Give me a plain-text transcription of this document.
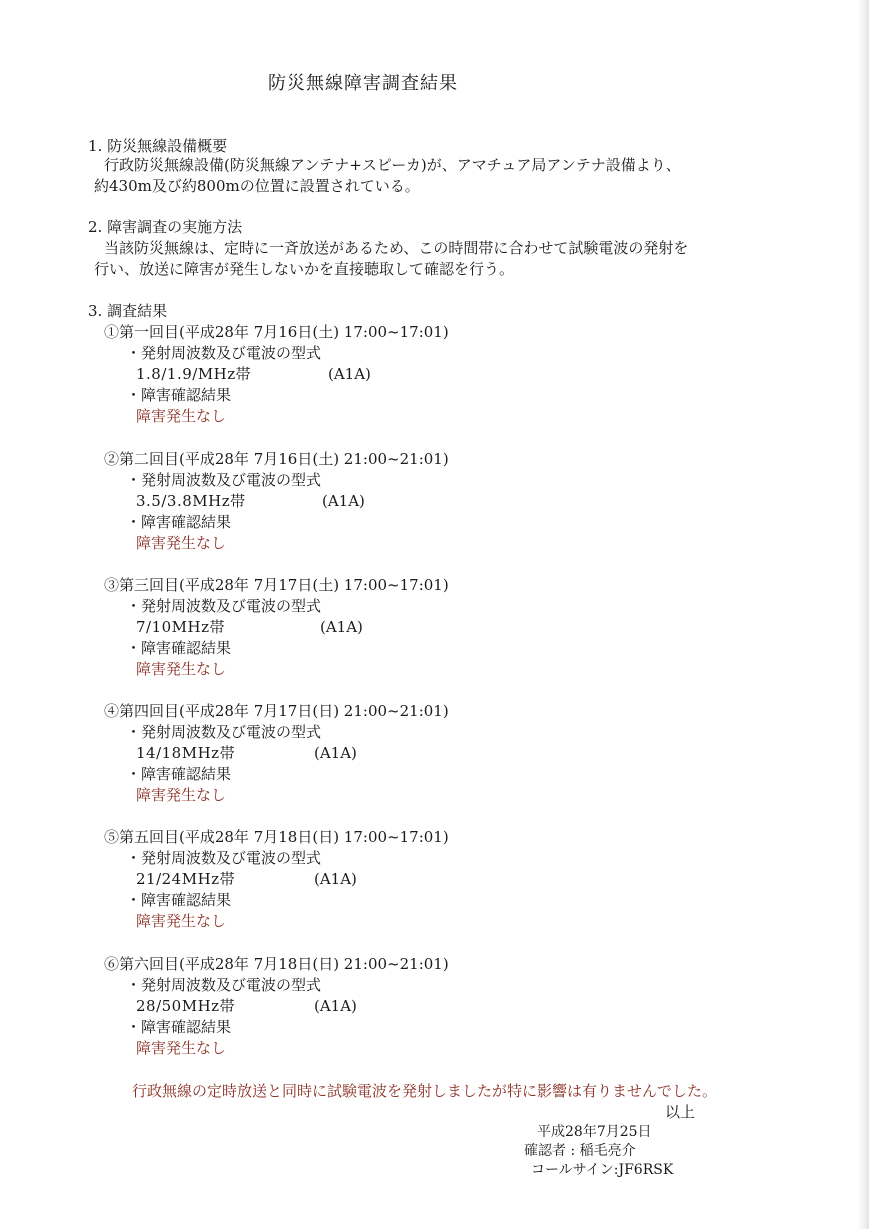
防災無線障害調査結果
1. 防災無線設備概要
行政防災無線設備(防災無線アンテナ+スピーカ)が、アマチュア局アンテナ設備より、
約430m及び約800mの位置に設置されている。
2. 障害調査の実施方法
当該防災無線は、定時に一斉放送があるため、この時間帯に合わせて試験電波の発射を
行い、放送に障害が発生しないかを直接聴取して確認を行う。
3. 調査結果
①第一回目(平成28年 7月16日(土) 17:00~17:01)
・発射周波数及び電波の型式
1.8/1.9/MHz帯	(A1A)
・障害確認結果
障害発生なし
②第二回目(平成28年 7月16日(土) 21:00~21:01)
・発射周波数及び電波の型式
3.5/3.8MHz帯	(A1A)
・障害確認結果
障害発生なし
③第三回目(平成28年 7月17日(土) 17:00~17:01)
・発射周波数及び電波の型式
7/10MHz帯	(A1A)
・障害確認結果
障害発生なし
④第四回目(平成28年 7月17日(日) 21:00~21:01)
・発射周波数及び電波の型式
14/18MHz帯	(A1A)
・障害確認結果
障害発生なし
⑤第五回目(平成28年 7月18日(日) 17:00~17:01)
・発射周波数及び電波の型式
21/24MHz帯	(A1A)
・障害確認結果
障害発生なし
⑥第六回目(平成28年 7月18日(日) 21:00~21:01)
・発射周波数及び電波の型式
28/50MHz帯	(A1A)
・障害確認結果
障害発生なし
行政無線の定時放送と同時に試験電波を発射しましたが特に影響は有りませんでした。
以上
平成28年7月25日
確認者 : 稲毛亮介
コールサイン:JF6RSK
